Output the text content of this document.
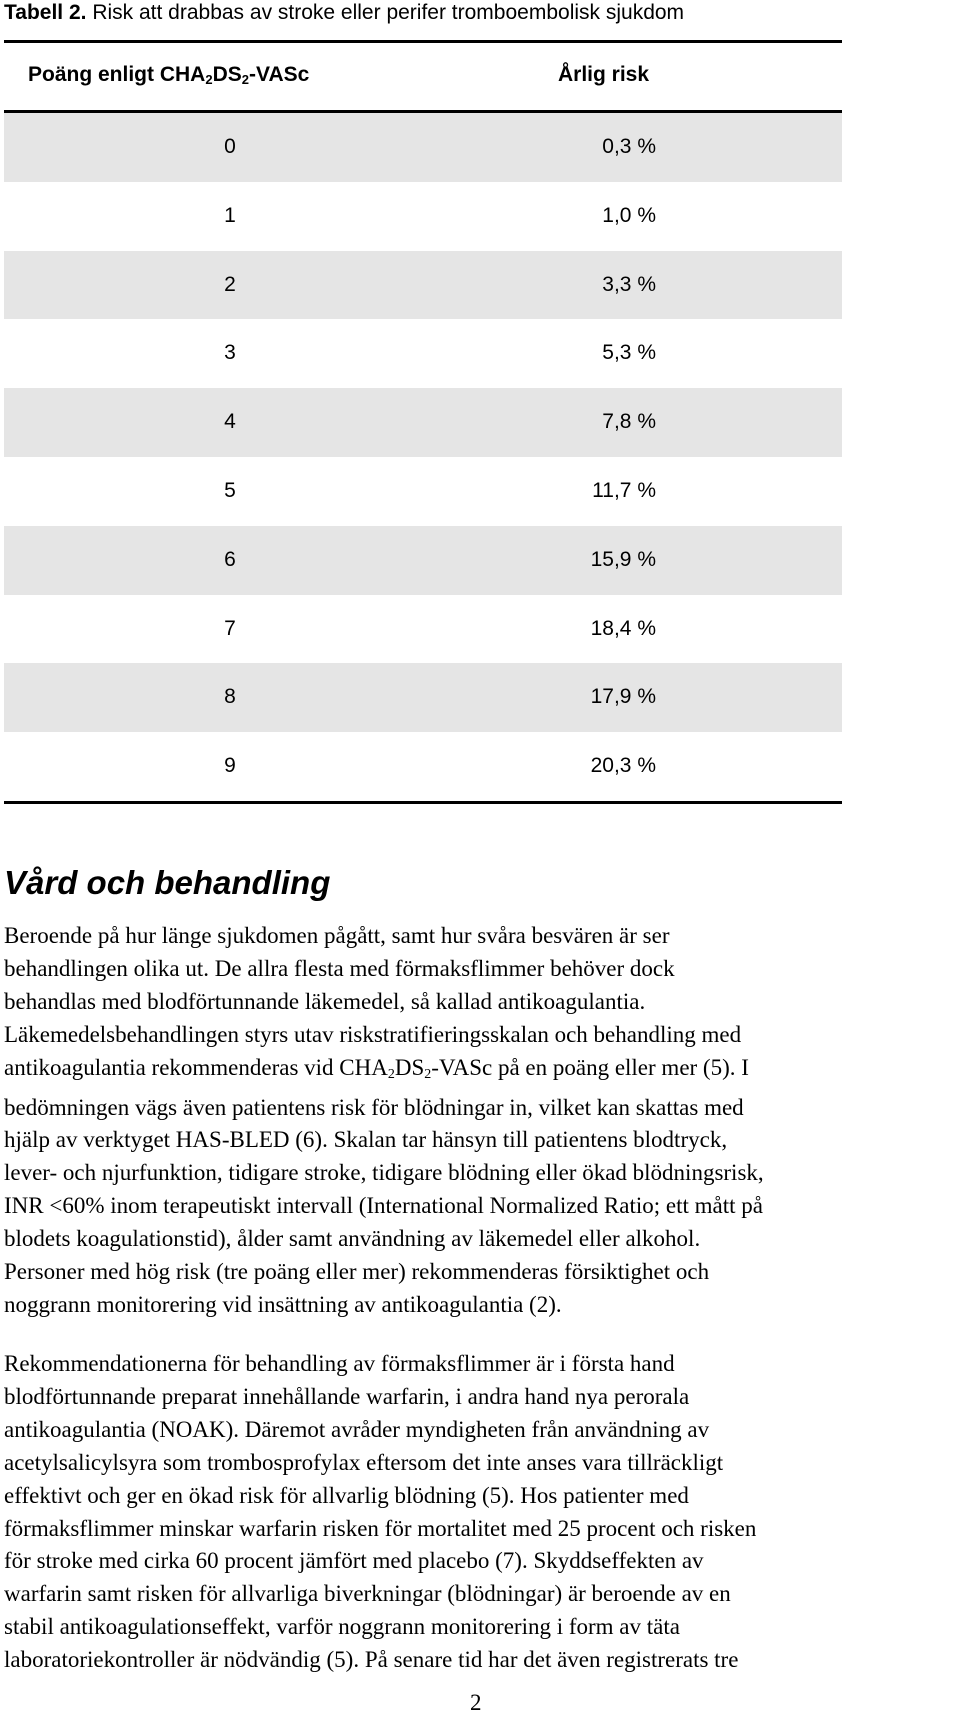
Tabell 2. Risk att drabbas av stroke eller perifer tromboembolisk sjukdom
Poäng enligt $CHA_2DS_2$-VASc	Årlig risk
0	0,3 %
1	1,0 %
2	3,3 %
3	5,3 %
4	7,8 %
5	11,7 %
6	15,9 %
7	18,4 %
8	17,9 %
9	20,3 %
Vård och behandling

Beroende på hur länge sjukdomen pågått, samt hur svåra besvären är ser
behandlingen olika ut. De allra flesta med förmaksflimmer behöver dock
behandlas med blodförtunnande läkemedel, så kallad antikoagulantia.
Läkemedelsbehandlingen styrs utav riskstratifieringsskalan och behandling med
antikoagulantia rekommenderas vid $CHA_2DS_2$-VASc på en poäng eller mer (5). I
bedömningen vägs även patientens risk för blödningar in, vilket kan skattas med
hjälp av verktyget HAS-BLED (6). Skalan tar hänsyn till patientens blodtryck,
lever- och njurfunktion, tidigare stroke, tidigare blödning eller ökad blödningsrisk,
INR <60% inom terapeutiskt intervall (International Normalized Ratio; ett mått på
blodets koagulationstid), ålder samt användning av läkemedel eller alkohol.
Personer med hög risk (tre poäng eller mer) rekommenderas försiktighet och
noggrann monitorering vid insättning av antikoagulantia (2).

Rekommendationerna för behandling av förmaksflimmer är i första hand
blodförtunnande preparat innehållande warfarin, i andra hand nya perorala
antikoagulantia (NOAK). Däremot avråder myndigheten från användning av
acetylsalicylsyra som trombosprofylax eftersom det inte anses vara tillräckligt
effektivt och ger en ökad risk för allvarlig blödning (5). Hos patienter med
förmaksflimmer minskar warfarin risken för mortalitet med 25 procent och risken
för stroke med cirka 60 procent jämfört med placebo (7). Skyddseffekten av
warfarin samt risken för allvarliga biverkningar (blödningar) är beroende av en
stabil antikoagulationseffekt, varför noggrann monitorering i form av täta
laboratoriekontroller är nödvändig (5). På senare tid har det även registrerats tre

2
